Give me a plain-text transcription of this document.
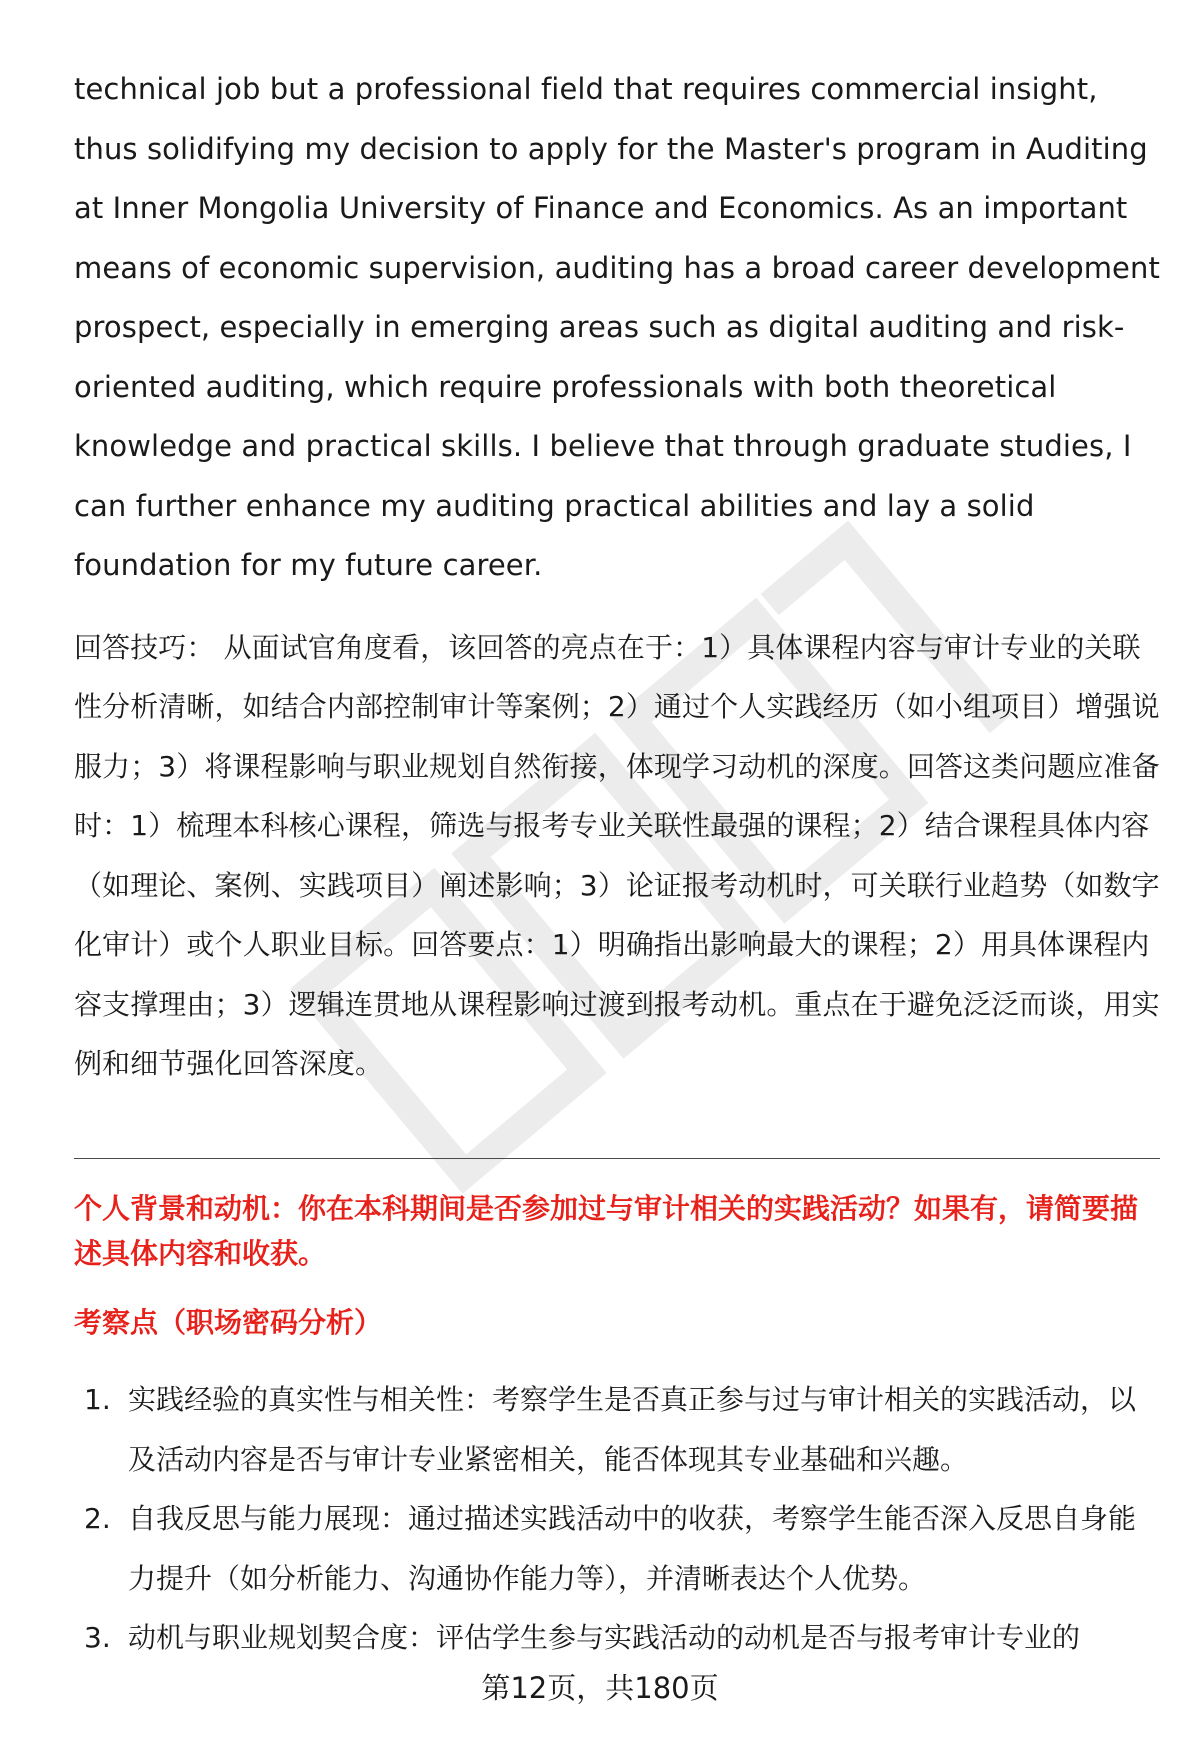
technical job but a professional field that requires commercial insight, thus solidifying my decision to apply for the Master's program in Auditing at Inner Mongolia University of Finance and Economics. As an important means of economic supervision, auditing has a broad career development prospect, especially in emerging areas such as digital auditing and risk-oriented auditing, which require professionals with both theoretical knowledge and practical skills. I believe that through graduate studies, I can further enhance my auditing practical abilities and lay a solid foundation for my future career.

回答技巧： 从面试官角度看，该回答的亮点在于：1）具体课程内容与审计专业的关联性分析清晰，如结合内部控制审计等案例；2）通过个人实践经历（如小组项目）增强说服力；3）将课程影响与职业规划自然衔接，体现学习动机的深度。回答这类问题应准备时：1）梳理本科核心课程，筛选与报考专业关联性最强的课程；2）结合课程具体内容（如理论、案例、实践项目）阐述影响；3）论证报考动机时，可关联行业趋势（如数字化审计）或个人职业目标。回答要点：1）明确指出影响最大的课程；2）用具体课程内容支撑理由；3）逻辑连贯地从课程影响过渡到报考动机。重点在于避免泛泛而谈，用实例和细节强化回答深度。

个人背景和动机：你在本科期间是否参加过与审计相关的实践活动？如果有，请简要描述具体内容和收获。

考察点（职场密码分析）

1. 实践经验的真实性与相关性：考察学生是否真正参与过与审计相关的实践活动，以及活动内容是否与审计专业紧密相关，能否体现其专业基础和兴趣。
2. 自我反思与能力展现：通过描述实践活动中的收获，考察学生能否深入反思自身能力提升（如分析能力、沟通协作能力等），并清晰表达个人优势。
3. 动机与职业规划契合度：评估学生参与实践活动的动机是否与报考审计专业的
第12页，共180页
